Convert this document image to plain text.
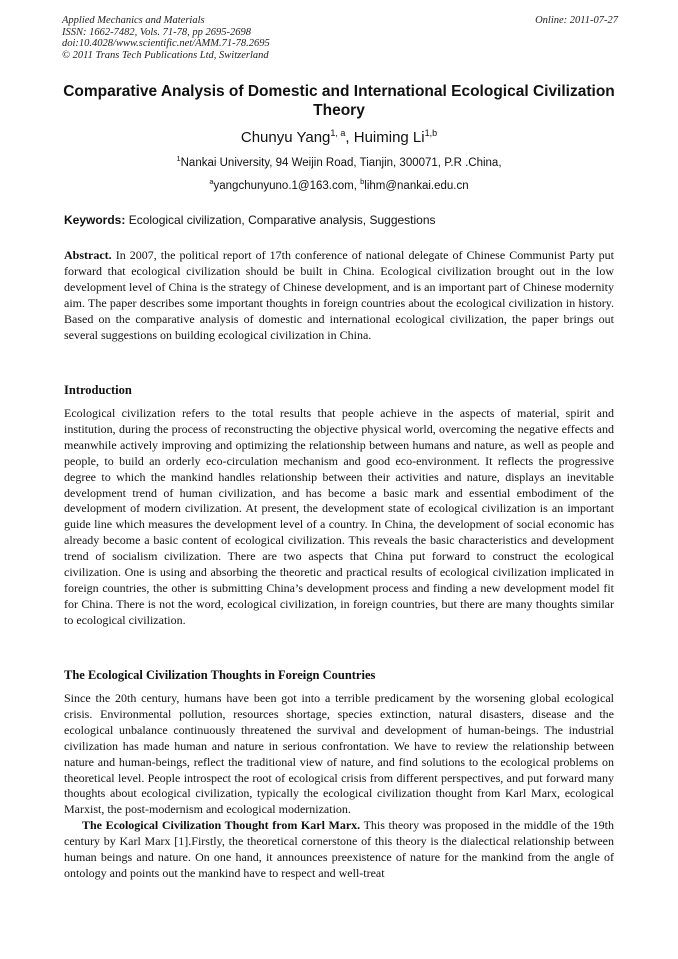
Applied Mechanics and Materials
ISSN: 1662-7482, Vols. 71-78, pp 2695-2698
doi:10.4028/www.scientific.net/AMM.71-78.2695
© 2011 Trans Tech Publications Ltd, Switzerland
Online: 2011-07-27
Comparative Analysis of Domestic and International Ecological Civilization Theory
Chunyu Yang$^{1, a}$, Huiming Li$^{1,b}$
$^1$Nankai University, 94 Weijin Road, Tianjin, 300071, P.R .China,
$^a$yangchunyuno.1@163.com, $^b$lihm@nankai.edu.cn
Keywords: Ecological civilization, Comparative analysis, Suggestions

Abstract. In 2007, the political report of 17th conference of national delegate of Chinese Communist Party put forward that ecological civilization should be built in China. Ecological civilization brought out in the low development level of China is the strategy of Chinese development, and is an important part of Chinese modernity aim. The paper describes some important thoughts in foreign countries about the ecological civilization in history. Based on the comparative analysis of domestic and international ecological civilization, the paper brings out several suggestions on building ecological civilization in China.

Introduction

Ecological civilization refers to the total results that people achieve in the aspects of material, spirit and institution, during the process of reconstructing the objective physical world, overcoming the negative effects and meanwhile actively improving and optimizing the relationship between humans and nature, as well as people and people, to build an orderly eco-circulation mechanism and good eco-environment. It reflects the progressive degree to which the mankind handles relationship between their activities and nature, displays an inevitable development trend of human civilization, and has become a basic mark and essential embodiment of the development of modern civilization. At present, the development state of ecological civilization is an important guide line which measures the development level of a country. In China, the development of social economic has already become a basic content of ecological civilization. This reveals the basic characteristics and development trend of socialism civilization. There are two aspects that China put forward to construct the ecological civilization. One is using and absorbing the theoretic and practical results of ecological civilization implicated in foreign countries, the other is submitting China’s development process and finding a new development model fit for China. There is not the word, ecological civilization, in foreign countries, but there are many thoughts similar to ecological civilization.

The Ecological Civilization Thoughts in Foreign Countries

Since the 20th century, humans have been got into a terrible predicament by the worsening global ecological crisis. Environmental pollution, resources shortage, species extinction, natural disasters, disease and the ecological unbalance continuously threatened the survival and development of human-beings. The industrial civilization has made human and nature in serious confrontation. We have to review the relationship between nature and human-beings, reflect the traditional view of nature, and find solutions to the ecological problems on theoretical level. People introspect the root of ecological crisis from different perspectives, and put forward many thoughts about ecological civilization, typically the ecological civilization thought from Karl Marx, ecological Marxist, the post-modernism and ecological modernization.

The Ecological Civilization Thought from Karl Marx. This theory was proposed in the middle of the 19th century by Karl Marx [1].Firstly, the theoretical cornerstone of this theory is the dialectical relationship between human beings and nature. On one hand, it announces preexistence of nature for the mankind from the angle of ontology and points out the mankind have to respect and well-treat
